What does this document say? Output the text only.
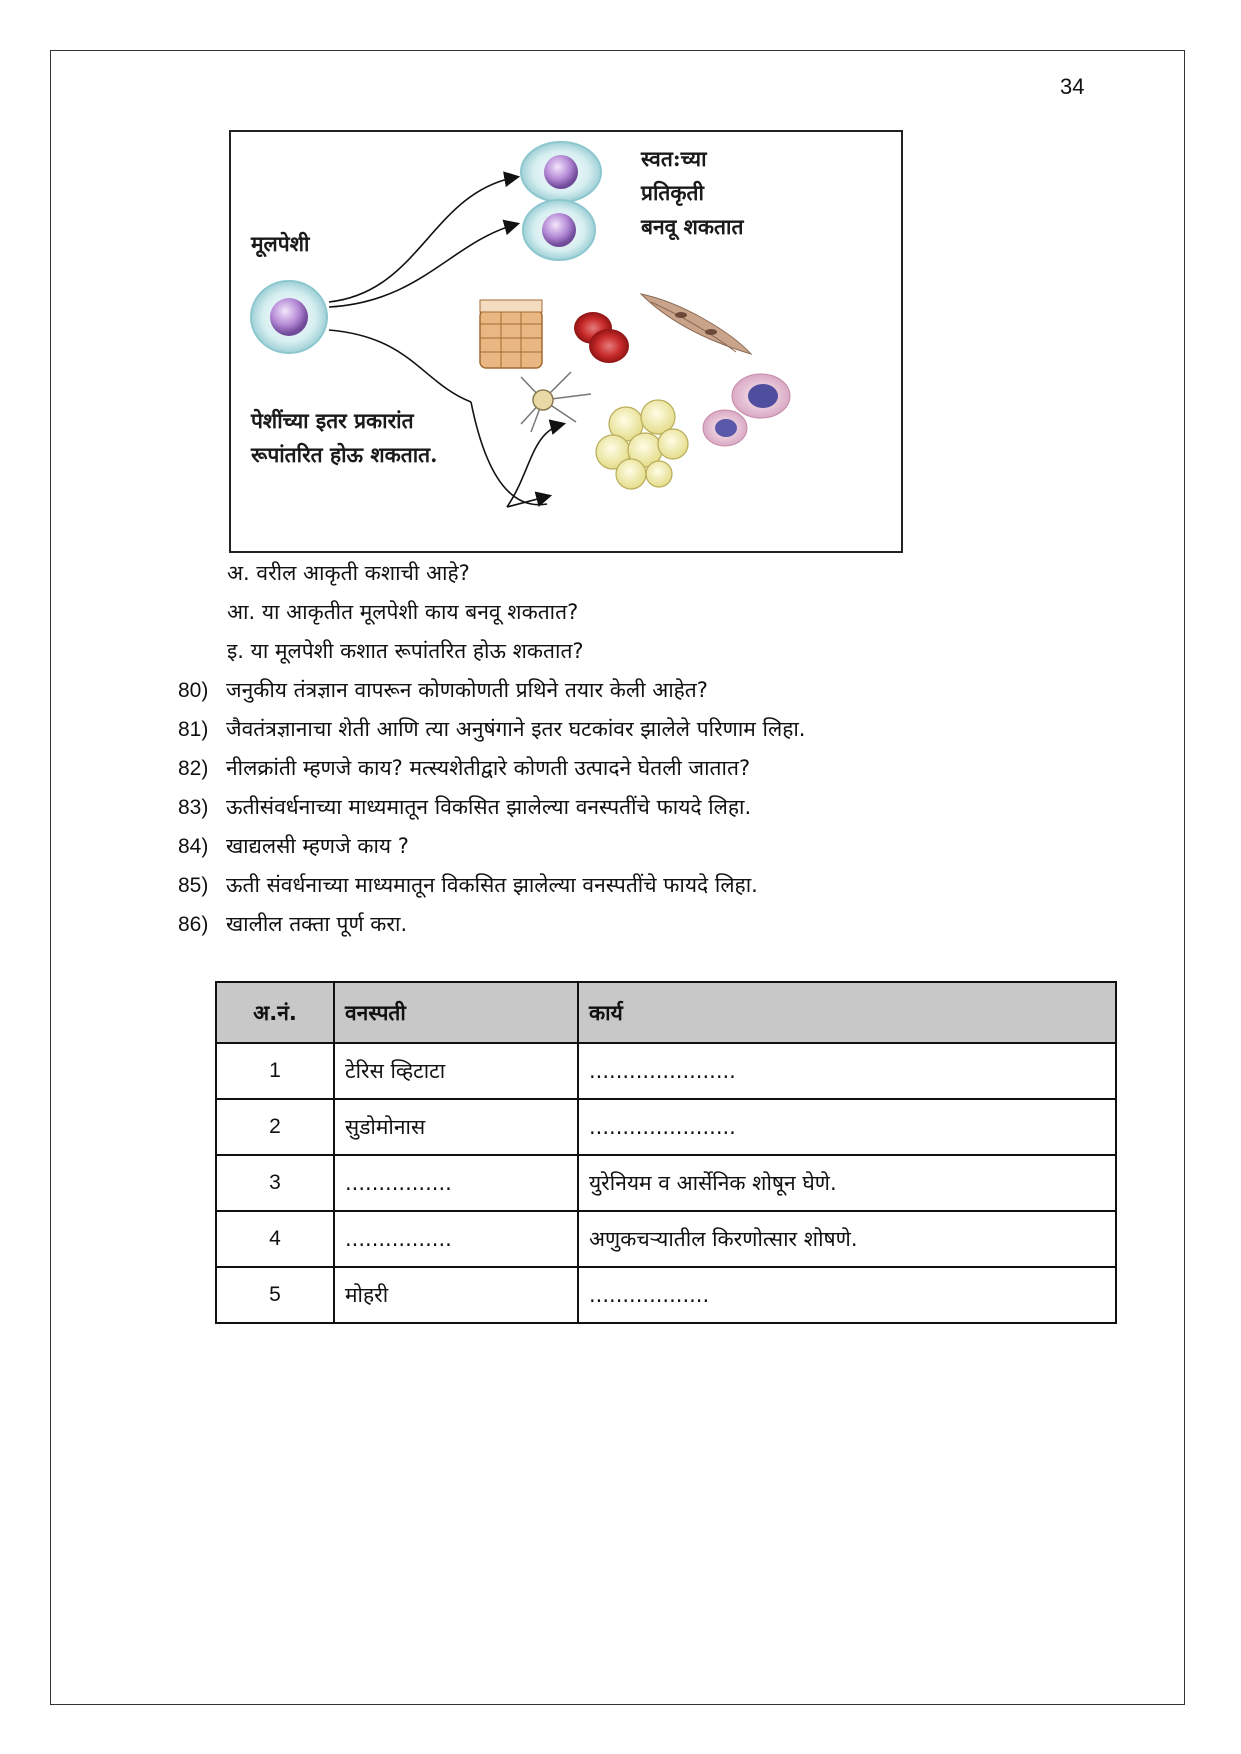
34
मूलपेशी
स्वत:च्या
प्रतिकृती
बनवू शकतात
पेशींच्या इतर प्रकारांत
रूपांतरित होऊ शकतात.
अ. वरील आकृती कशाची आहे?
आ. या आकृतीत मूलपेशी काय बनवू शकतात?
इ. या मूलपेशी कशात रूपांतरित होऊ शकतात?
80) जनुकीय तंत्रज्ञान वापरून कोणकोणती प्रथिने तयार केली आहेत?
81) जैवतंत्रज्ञानाचा शेती आणि त्या अनुषंगाने इतर घटकांवर झालेले परिणाम लिहा.
82) नीलक्रांती म्हणजे काय? मत्स्यशेतीद्वारे कोणती उत्पादने घेतली जातात?
83) ऊतीसंवर्धनाच्या माध्यमातून विकसित झालेल्या वनस्पतींचे फायदे लिहा.
84) खाद्यलसी म्हणजे काय ?
85) ऊती संवर्धनाच्या माध्यमातून विकसित झालेल्या वनस्पतींचे फायदे लिहा.
86) खालील तक्ता पूर्ण करा.
अ.नं.	वनस्पती	कार्य
1	टेरिस व्हिटाटा	......................
2	सुडोमोनास	......................
3	................	युरेनियम व आर्सेनिक शोषून घेणे.
4	................	अणुकचऱ्यातील किरणोत्सार शोषणे.
5	मोहरी	..................
